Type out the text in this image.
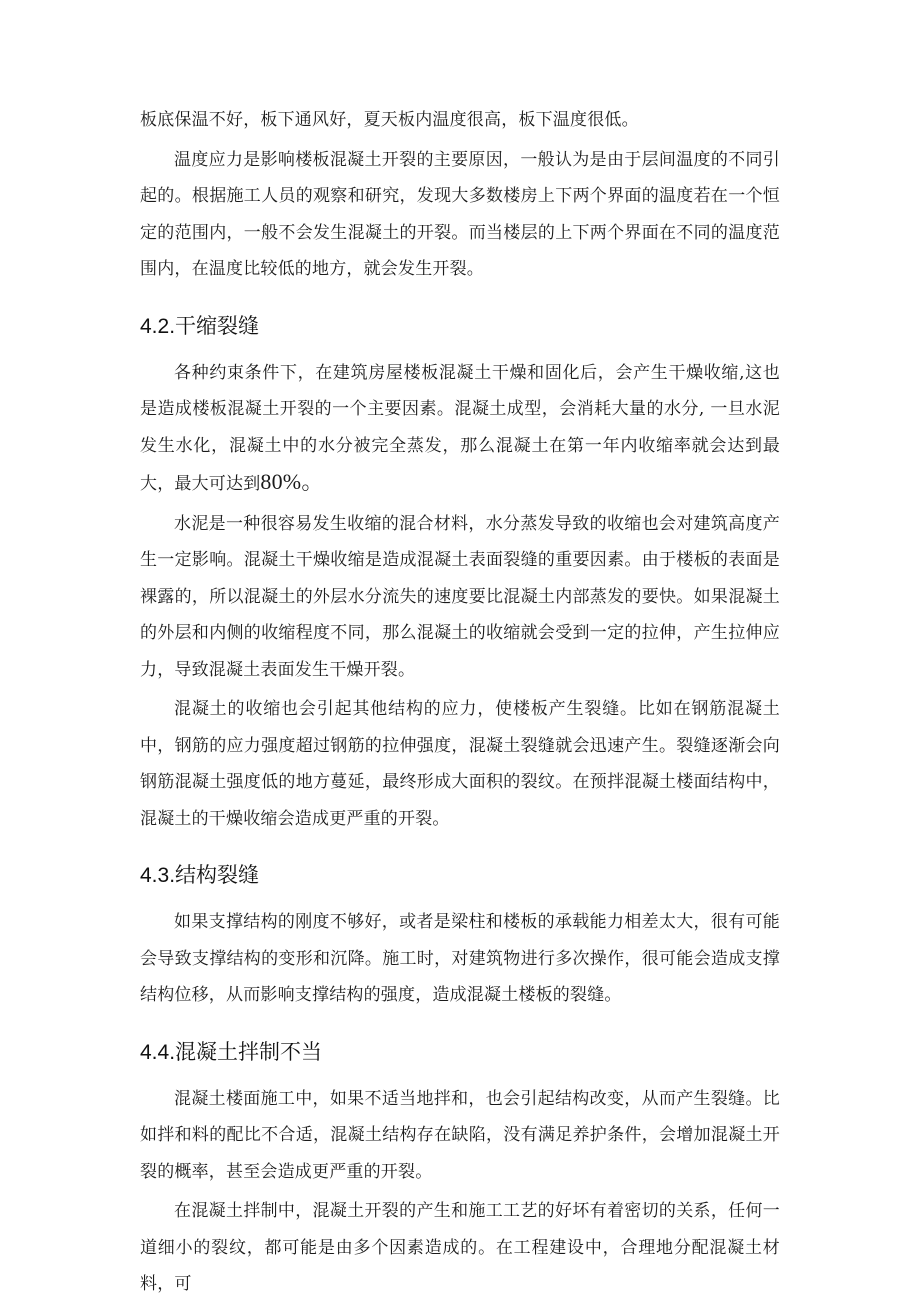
板底保温不好，板下通风好，夏天板内温度很高，板下温度很低。

温度应力是影响楼板混凝土开裂的主要原因，一般认为是由于层间温度的不同引起的。根据施工人员的观察和研究，发现大多数楼房上下两个界面的温度若在一个恒定的范围内，一般不会发生混凝土的开裂。而当楼层的上下两个界面在不同的温度范围内，在温度比较低的地方，就会发生开裂。

4.2.干缩裂缝

各种约束条件下，在建筑房屋楼板混凝土干燥和固化后，会产生干燥收缩,这也是造成楼板混凝土开裂的一个主要因素。混凝土成型，会消耗大量的水分, 一旦水泥发生水化，混凝土中的水分被完全蒸发，那么混凝土在第一年内收缩率就会达到最大，最大可达到80%。

水泥是一种很容易发生收缩的混合材料，水分蒸发导致的收缩也会对建筑高度产生一定影响。混凝土干燥收缩是造成混凝土表面裂缝的重要因素。由于楼板的表面是裸露的，所以混凝土的外层水分流失的速度要比混凝土内部蒸发的要快。如果混凝土的外层和内侧的收缩程度不同，那么混凝土的收缩就会受到一定的拉伸，产生拉伸应力，导致混凝土表面发生干燥开裂。

混凝土的收缩也会引起其他结构的应力，使楼板产生裂缝。比如在钢筋混凝土中，钢筋的应力强度超过钢筋的拉伸强度，混凝土裂缝就会迅速产生。裂缝逐渐会向钢筋混凝土强度低的地方蔓延，最终形成大面积的裂纹。在预拌混凝土楼面结构中，混凝土的干燥收缩会造成更严重的开裂。

4.3.结构裂缝

如果支撑结构的刚度不够好，或者是梁柱和楼板的承载能力相差太大，很有可能会导致支撑结构的变形和沉降。施工时，对建筑物进行多次操作，很可能会造成支撑结构位移，从而影响支撑结构的强度，造成混凝土楼板的裂缝。

4.4.混凝土拌制不当

混凝土楼面施工中，如果不适当地拌和，也会引起结构改变，从而产生裂缝。比如拌和料的配比不合适，混凝土结构存在缺陷，没有满足养护条件，会增加混凝土开裂的概率，甚至会造成更严重的开裂。

在混凝土拌制中，混凝土开裂的产生和施工工艺的好坏有着密切的关系，任何一道细小的裂纹，都可能是由多个因素造成的。在工程建设中，合理地分配混凝土材料，可
